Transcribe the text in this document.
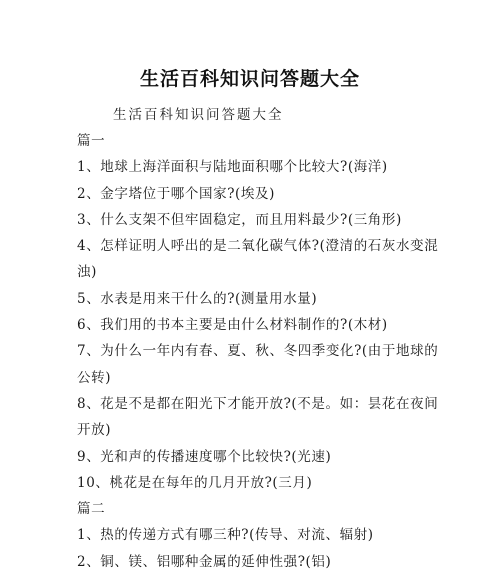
生活百科知识问答题大全
生活百科知识问答题大全
篇一
1、地球上海洋面积与陆地面积哪个比较大?(海洋)
2、金字塔位于哪个国家?(埃及)
3、什么支架不但牢固稳定，而且用料最少?(三角形)
4、怎样证明人呼出的是二氧化碳气体?(澄清的石灰水变混
浊)
5、水表是用来干什么的?(测量用水量)
6、我们用的书本主要是由什么材料制作的?(木材)
7、为什么一年内有春、夏、秋、冬四季变化?(由于地球的
公转)
8、花是不是都在阳光下才能开放?(不是。如：昙花在夜间
开放)
9、光和声的传播速度哪个比较快?(光速)
10、桃花是在每年的几月开放?(三月)
篇二
1、热的传递方式有哪三种?(传导、对流、辐射)
2、铜、镁、铝哪种金属的延伸性强?(铝)
